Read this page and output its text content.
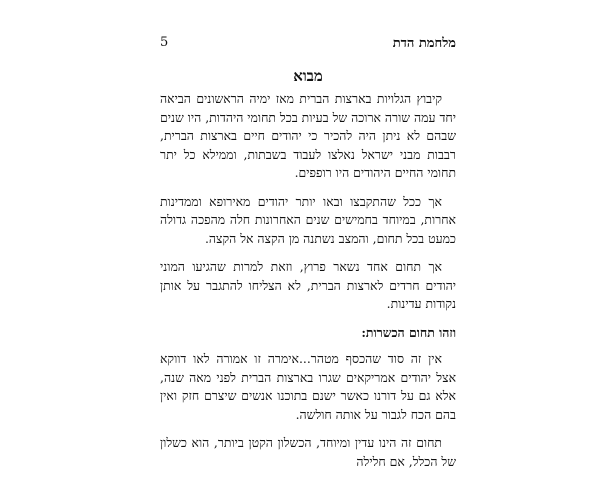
מלחמת הדת
5
מבוא

קיבוץ הגלויות בארצות הברית מאז ימיה הראשונים הביאה יחד עמה שורה ארוכה של בעיות בכל תחומי היהדות, היו שנים שבהם לא ניתן היה להכיר כי יהודים חיים בארצות הברית, רבבות מבני ישראל נאלצו לעבוד בשבתות, וממילא כל יתר תחומי החיים היהודים היו רופפים.

אך ככל שהתקבצו ובאו יותר יהודים מאירופא וממדינות אחרות, במיוחד בחמישים שנים האחרונות חלה מהפכה גדולה כמעט בכל תחום, והמצב נשתנה מן הקצה אל הקצה.

אך תחום אחד נשאר פרוץ, וזאת למרות שהגיעו המוני יהודים חרדים לארצות הברית, לא הצליחו להתגבר על אותן נקודות עדינות.

וזהו תחום הכשרות:

אין זה סוד שהכסף מטהר...אימרה זו אמורה לאו דווקא אצל יהודים אמריקאים שגרו בארצות הברית לפני מאה שנה, אלא גם על דורנו כאשר ישנם בתוכנו אנשים שיצרם חזק ואין בהם הכח לגבור על אותה חולשה.

תחום זה הינו עדין ומיוחד, הכשלון הקטן ביותר, הוא כשלון של הכלל, אם חלילה
